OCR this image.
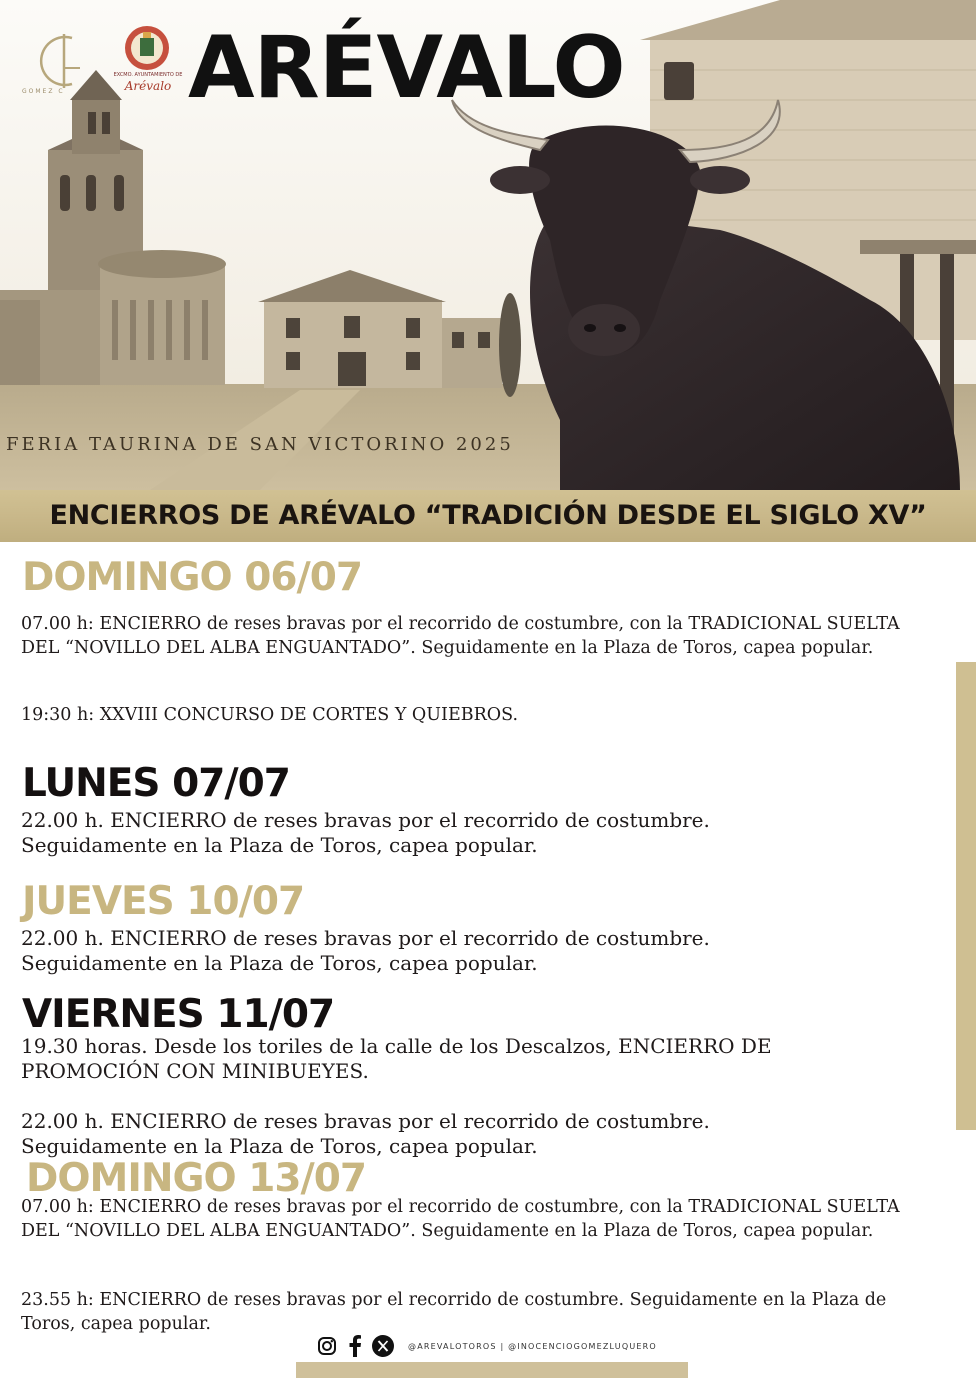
GOMEZ C
EXCMO. AYUNTAMIENTO DE
Arévalo ARÉVALO
FERIA TAURINA DE SAN VICTORINO 2025
ENCIERROS DE ARÉVALO “TRADICIÓN DESDE EL SIGLO XV”
DOMINGO 06/07
07.00 h: ENCIERRO de reses bravas por el recorrido de costumbre, con la TRADICIONAL SUELTA DEL “NOVILLO DEL ALBA ENGUANTADO”. Seguidamente en la Plaza de Toros, capea popular.
19:30 h: XXVIII CONCURSO DE CORTES Y QUIEBROS.
LUNES 07/07
22.00 h. ENCIERRO de reses bravas por el recorrido de costumbre. Seguidamente en la Plaza de Toros, capea popular.
JUEVES 10/07
22.00 h. ENCIERRO de reses bravas por el recorrido de costumbre. Seguidamente en la Plaza de Toros, capea popular.
VIERNES 11/07
19.30 horas. Desde los toriles de la calle de los Descalzos, ENCIERRO DE PROMOCIÓN CON MINIBUEYES.
22.00 h. ENCIERRO de reses bravas por el recorrido de costumbre. Seguidamente en la Plaza de Toros, capea popular.
DOMINGO 13/07
07.00 h: ENCIERRO de reses bravas por el recorrido de costumbre, con la TRADICIONAL SUELTA DEL “NOVILLO DEL ALBA ENGUANTADO”. Seguidamente en la Plaza de Toros, capea popular.
23.55 h: ENCIERRO de reses bravas por el recorrido de costumbre. Seguidamente en la Plaza de Toros, capea popular.
@AREVALOTOROS | @INOCENCIOGOMEZLUQUERO
